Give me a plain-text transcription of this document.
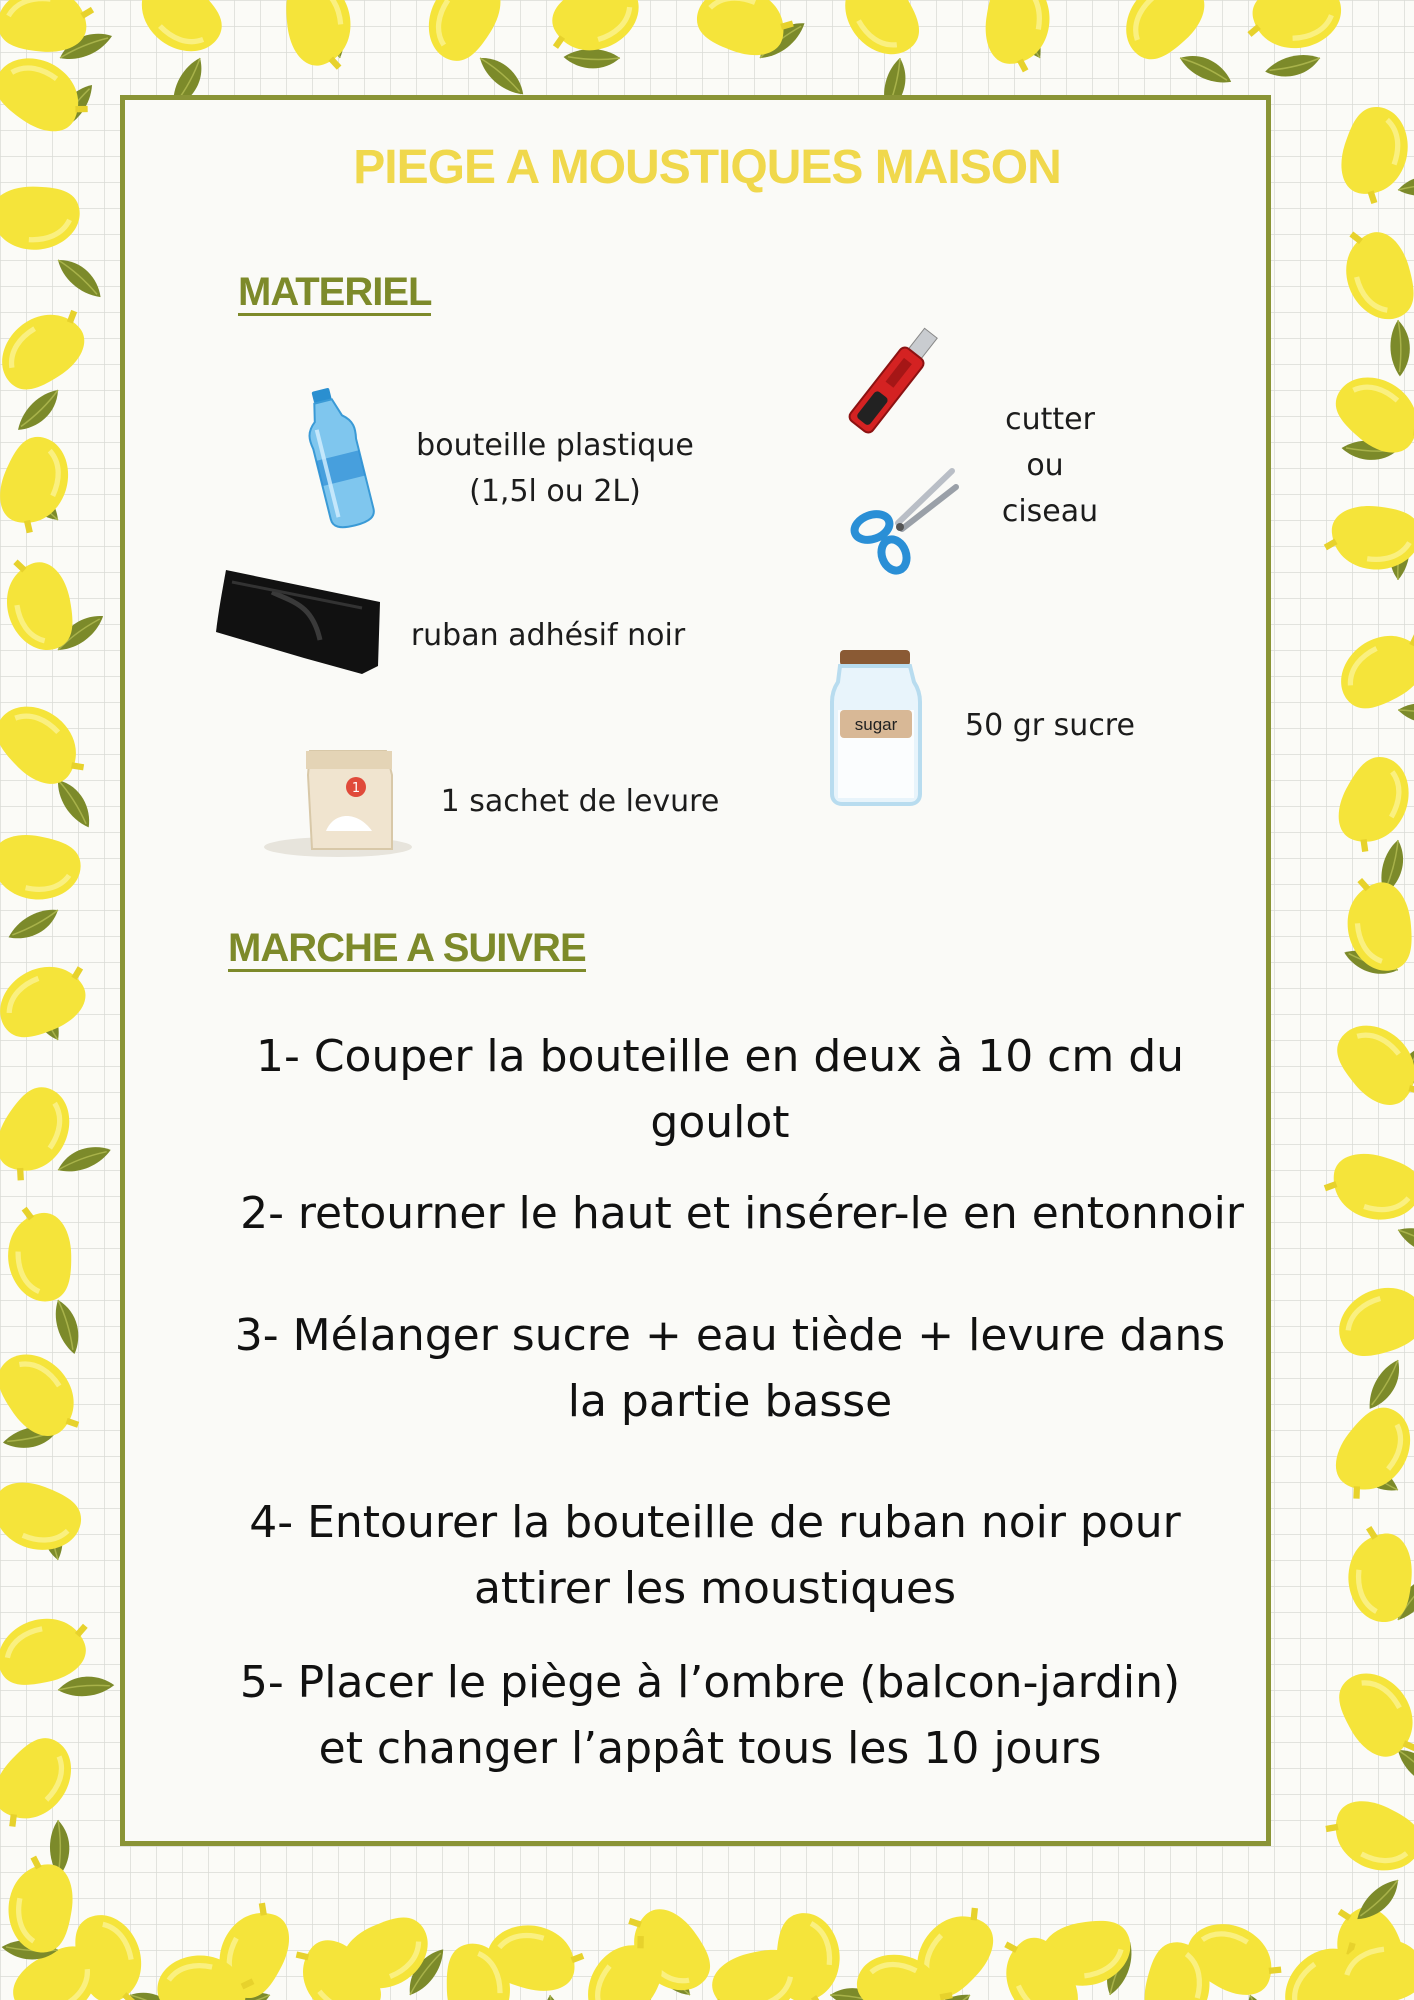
PIEGE A MOUSTIQUES MAISON
MATERIEL
bouteille plastique
(1,5l ou 2L)
ruban adhésif noir
1	1 sachet de levure
cutter
ou
ciseau
sugar	50 gr sucre
MARCHE A SUIVRE
1- Couper la bouteille en deux à 10 cm du
goulot
2- retourner le haut et insérer-le en entonnoir
3- Mélanger sucre + eau tiède + levure dans
la partie basse
4- Entourer la bouteille de ruban noir pour
attirer les moustiques
5- Placer le piège à l’ombre (balcon-jardin)
et changer l’appât tous les 10 jours
